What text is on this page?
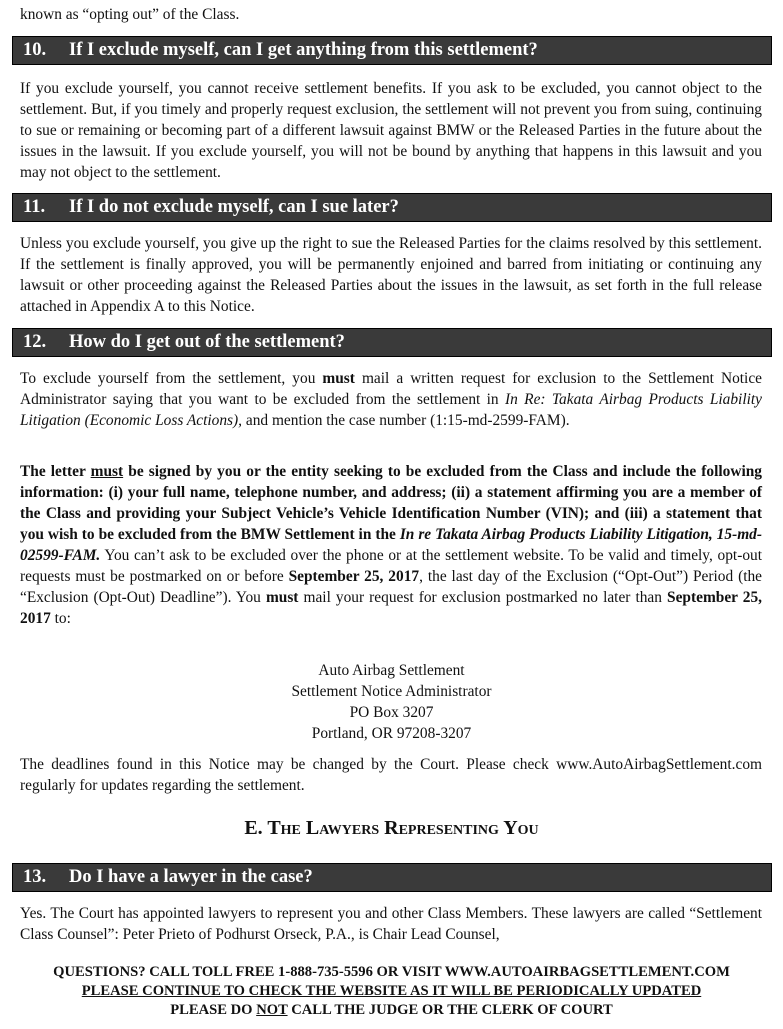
known as “opting out” of the Class.

10. If I exclude myself, can I get anything from this settlement?

If you exclude yourself, you cannot receive settlement benefits. If you ask to be excluded, you cannot object to the settlement. But, if you timely and properly request exclusion, the settlement will not prevent you from suing, continuing to sue or remaining or becoming part of a different lawsuit against BMW or the Released Parties in the future about the issues in the lawsuit. If you exclude yourself, you will not be bound by anything that happens in this lawsuit and you may not object to the settlement.

11. If I do not exclude myself, can I sue later?

Unless you exclude yourself, you give up the right to sue the Released Parties for the claims resolved by this settlement. If the settlement is finally approved, you will be permanently enjoined and barred from initiating or continuing any lawsuit or other proceeding against the Released Parties about the issues in the lawsuit, as set forth in the full release attached in Appendix A to this Notice.

12. How do I get out of the settlement?

To exclude yourself from the settlement, you must mail a written request for exclusion to the Settlement Notice Administrator saying that you want to be excluded from the settlement in In Re: Takata Airbag Products Liability Litigation (Economic Loss Actions), and mention the case number (1:15-md-2599-FAM).

The letter must be signed by you or the entity seeking to be excluded from the Class and include the following information: (i) your full name, telephone number, and address; (ii) a statement affirming you are a member of the Class and providing your Subject Vehicle’s Vehicle Identification Number (VIN); and (iii) a statement that you wish to be excluded from the BMW Settlement in the In re Takata Airbag Products Liability Litigation, 15-md-02599-FAM. You can’t ask to be excluded over the phone or at the settlement website. To be valid and timely, opt-out requests must be postmarked on or before September 25, 2017, the last day of the Exclusion (“Opt-Out”) Period (the “Exclusion (Opt-Out) Deadline”). You must mail your request for exclusion postmarked no later than September 25, 2017 to:

Auto Airbag Settlement
Settlement Notice Administrator
PO Box 3207
Portland, OR 97208-3207

The deadlines found in this Notice may be changed by the Court. Please check www.AutoAirbagSettlement.com regularly for updates regarding the settlement.

E. The Lawyers Representing You
13. Do I have a lawyer in the case?

Yes. The Court has appointed lawyers to represent you and other Class Members. These lawyers are called “Settlement Class Counsel”: Peter Prieto of Podhurst Orseck, P.A., is Chair Lead Counsel,

QUESTIONS? CALL TOLL FREE 1-888-735-5596 OR VISIT WWW.AUTOAIRBAGSETTLEMENT.COM
PLEASE CONTINUE TO CHECK THE WEBSITE AS IT WILL BE PERIODICALLY UPDATED
PLEASE DO NOT CALL THE JUDGE OR THE CLERK OF COURT
